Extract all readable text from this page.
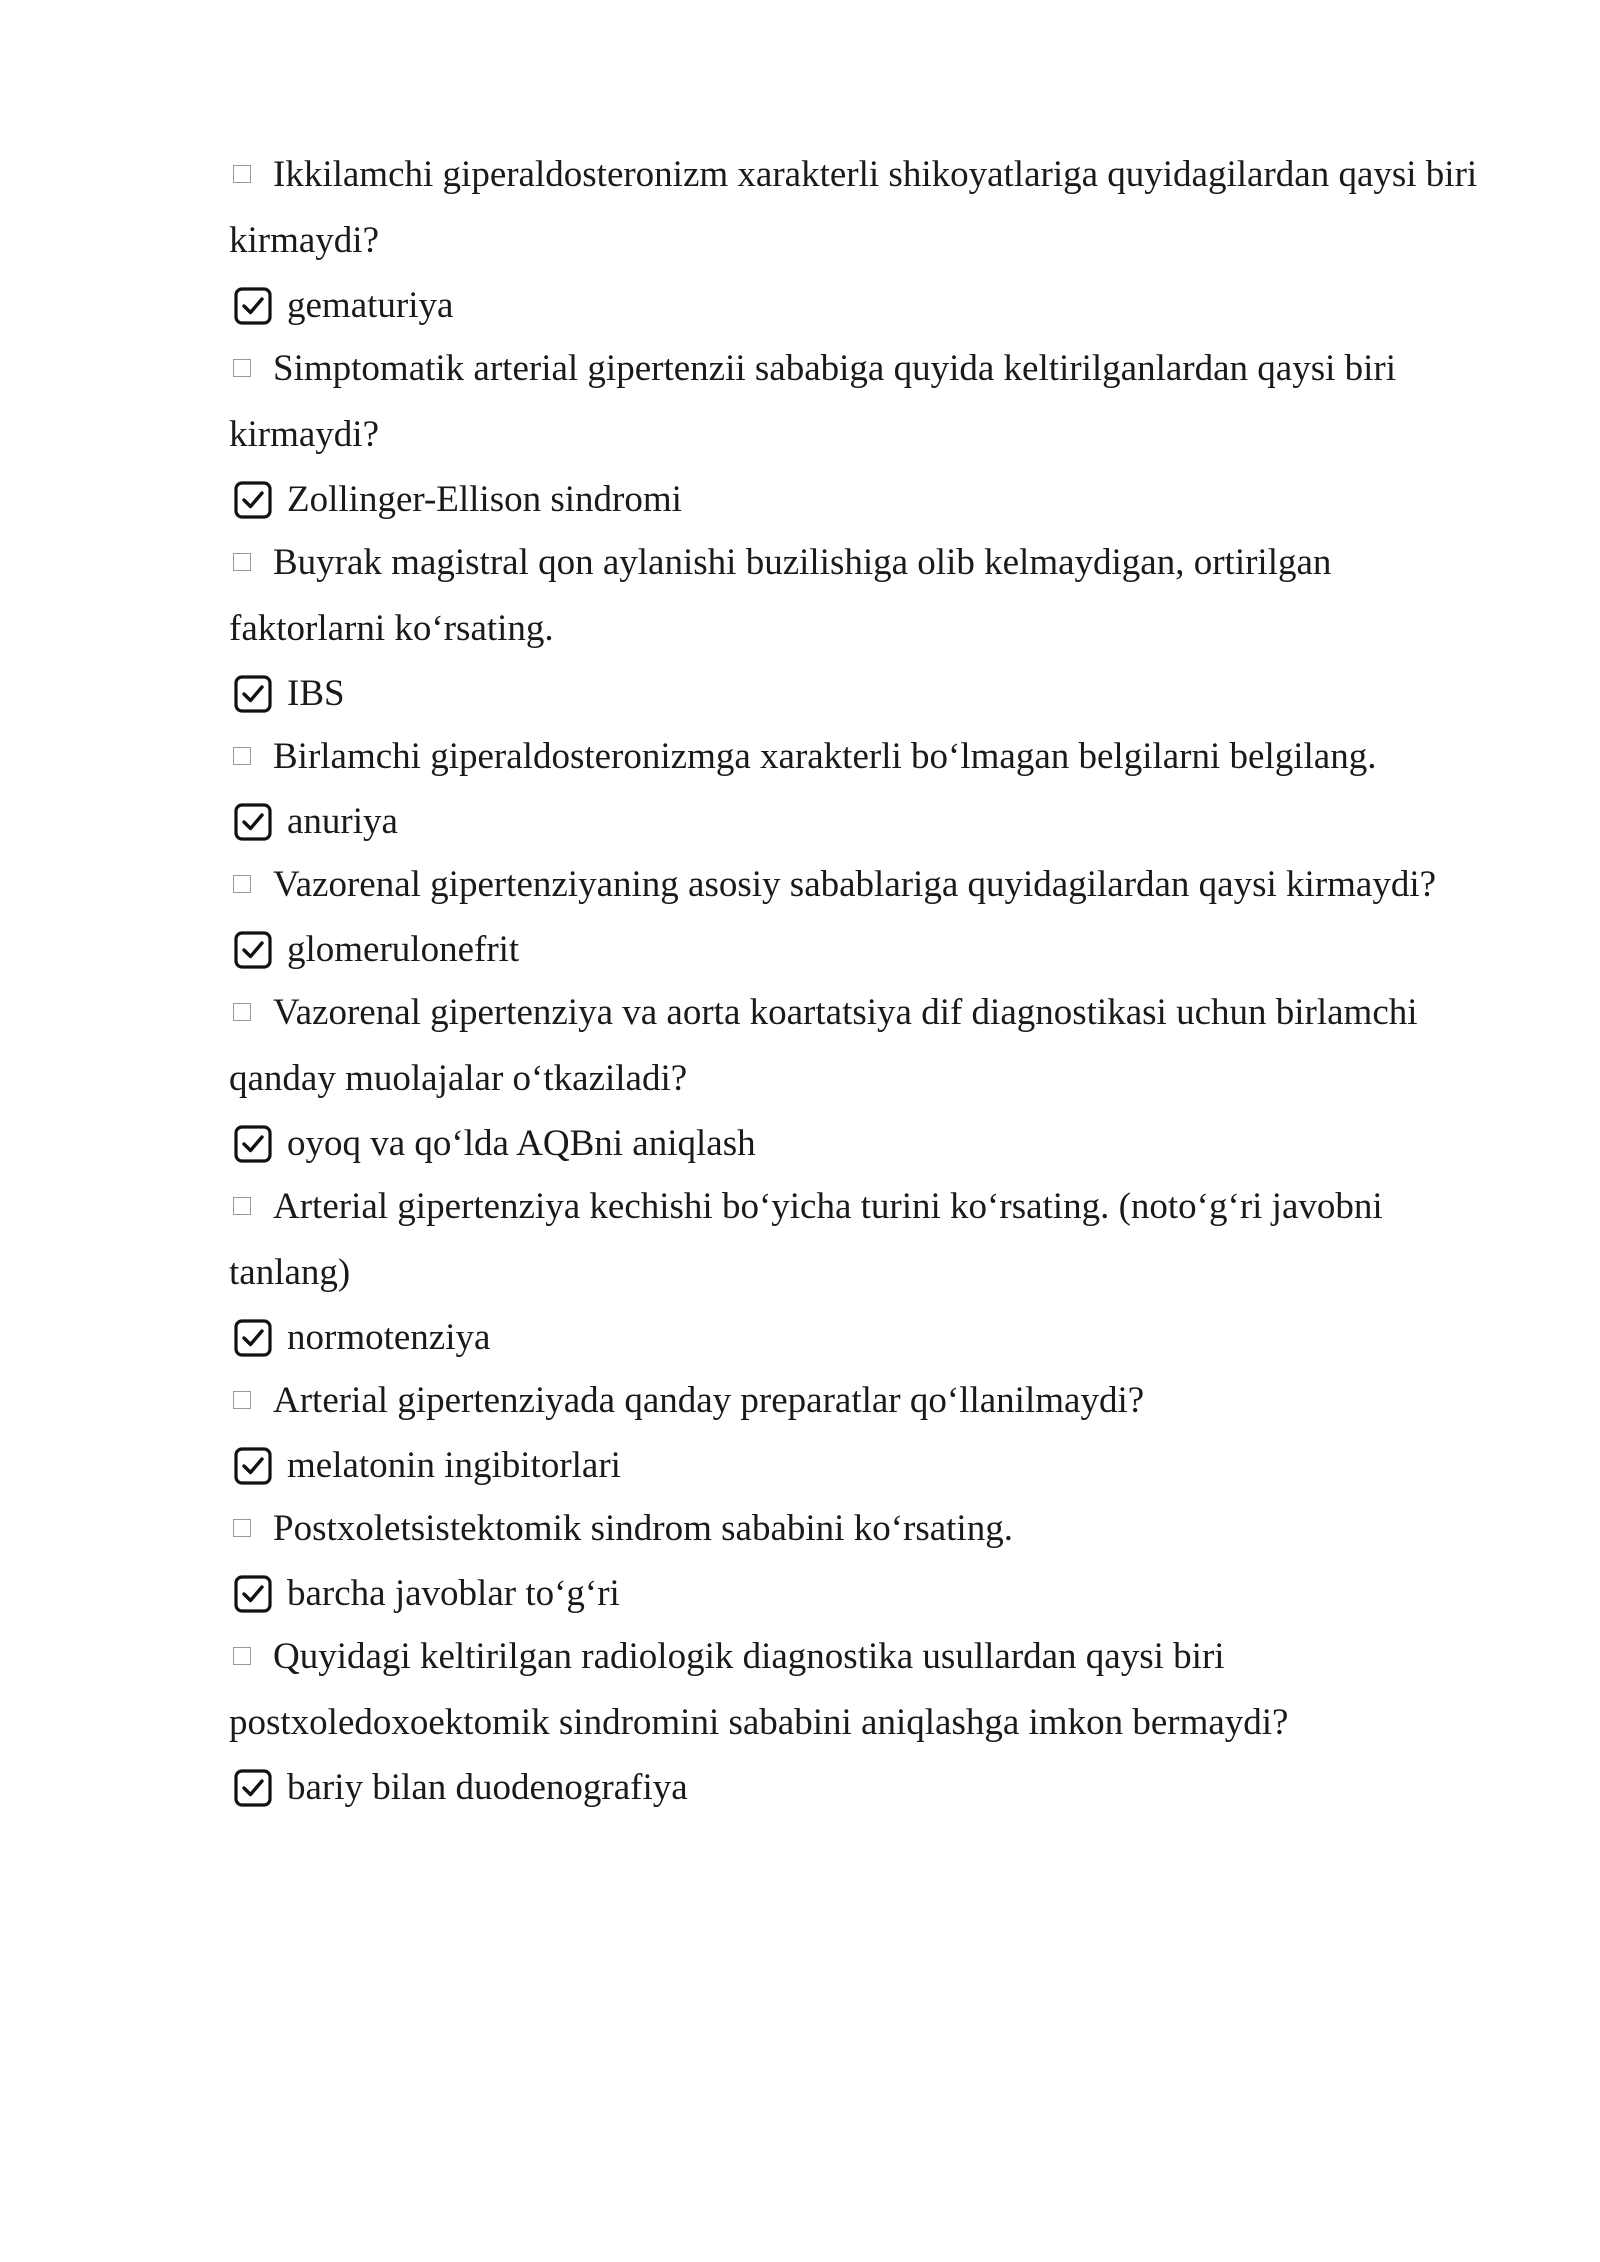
Ikkilamchi giperaldosteronizm xarakterli shikoyatlariga quyidagilardan qaysi biri kirmaydi?

gematuriya

Simptomatik arterial gipertenzii sababiga quyida keltirilganlardan qaysi biri kirmaydi?

Zollinger-Ellison sindromi

Buyrak magistral qon aylanishi buzilishiga olib kelmaydigan, ortirilgan faktorlarni ko‘rsating.

IBS

Birlamchi giperaldosteronizmga xarakterli bo‘lmagan belgilarni belgilang.

anuriya

Vazorenal gipertenziyaning asosiy sabablariga quyidagilardan qaysi kirmaydi?

glomerulonefrit

Vazorenal gipertenziya va aorta koartatsiya dif diagnostikasi uchun birlamchi qanday muolajalar o‘tkaziladi?

oyoq va qo‘lda AQBni aniqlash

Arterial gipertenziya kechishi bo‘yicha turini ko‘rsating. (noto‘g‘ri javobni tanlang)

normotenziya

Arterial gipertenziyada qanday preparatlar qo‘llanilmaydi?

melatonin ingibitorlari

Postxoletsistektomik sindrom sababini ko‘rsating.

barcha javoblar to‘g‘ri

Quyidagi keltirilgan radiologik diagnostika usullardan qaysi biri postxoledoxoektomik sindromini sababini aniqlashga imkon bermaydi?

bariy bilan duodenografiya
